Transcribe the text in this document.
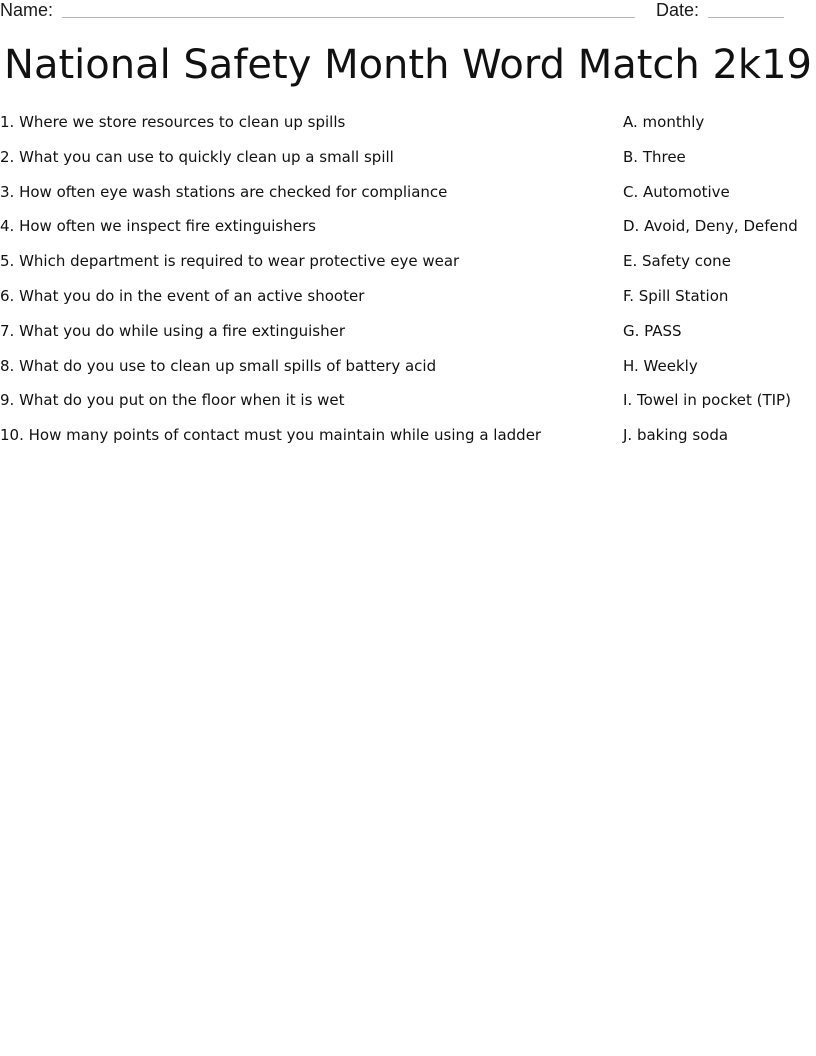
Name:	Date:
National Safety Month Word Match 2k19
1. Where we store resources to clean up spills
2. What you can use to quickly clean up a small spill
3. How often eye wash stations are checked for compliance
4. How often we inspect fire extinguishers
5. Which department is required to wear protective eye wear
6. What you do in the event of an active shooter
7. What you do while using a fire extinguisher
8. What do you use to clean up small spills of battery acid
9. What do you put on the floor when it is wet
10. How many points of contact must you maintain while using a ladder
A. monthly
B. Three
C. Automotive
D. Avoid, Deny, Defend
E. Safety cone
F. Spill Station
G. PASS
H. Weekly
I. Towel in pocket (TIP)
J. baking soda
